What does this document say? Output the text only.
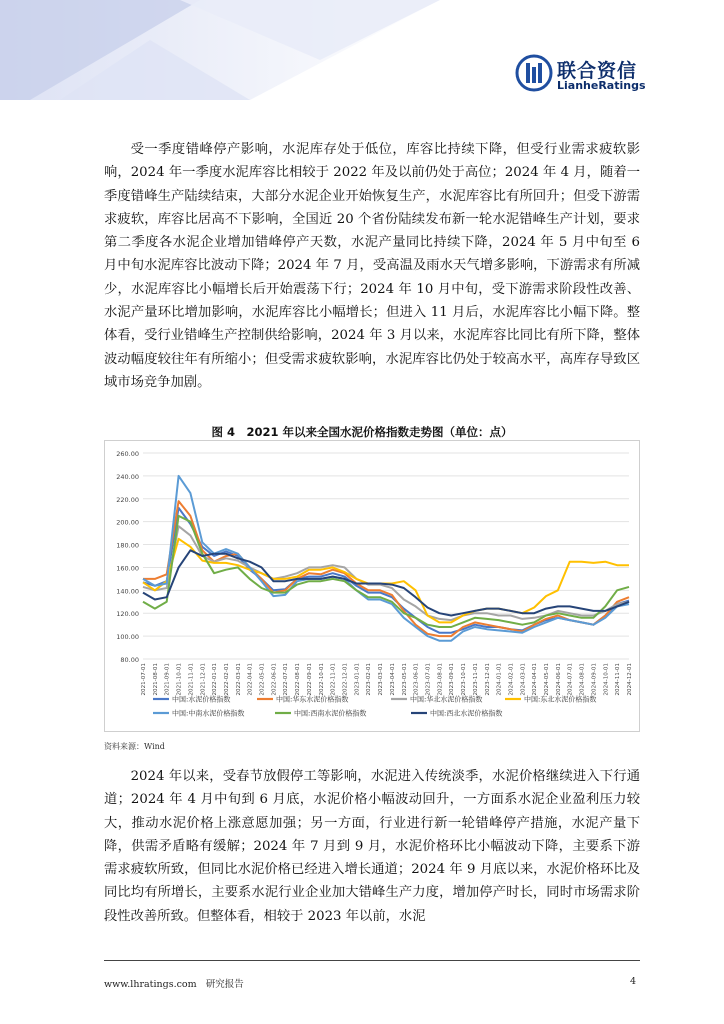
联合资信
LianheRatings

受一季度错峰停产影响，水泥库存处于低位，库容比持续下降，但受行业需求疲软影响，2024 年一季度水泥库容比相较于 2022 年及以前仍处于高位；2024 年 4 月，随着一季度错峰生产陆续结束，大部分水泥企业开始恢复生产，水泥库容比有所回升；但受下游需求疲软，库容比居高不下影响，全国近 20 个省份陆续发布新一轮水泥错峰生产计划，要求第二季度各水泥企业增加错峰停产天数，水泥产量同比持续下降，2024 年 5 月中旬至 6 月中旬水泥库容比波动下降；2024 年 7 月，受高温及雨水天气增多影响，下游需求有所减少，水泥库容比小幅增长后开始震荡下行；2024 年 10 月中旬，受下游需求阶段性改善、水泥产量环比增加影响，水泥库容比小幅增长；但进入 11 月后，水泥库容比小幅下降。整体看，受行业错峰生产控制供给影响，2024 年 3 月以来，水泥库容比同比有所下降，整体波动幅度较往年有所缩小；但受需求疲软影响，水泥库容比仍处于较高水平，高库存导致区域市场竞争加剧。

图 4　2021 年以来全国水泥价格指数走势图（单位：点）
260.00
240.00
220.00
200.00
180.00
160.00
140.00
120.00
100.00
80.00
2021-07-01 2021-08-01 2021-09-01 2021-10-01 2021-11-01 2021-12-01 2022-01-01 2022-02-01 2022-03-01 2022-04-01 2022-05-01 2022-06-01 2022-07-01 2022-08-01 2022-09-01 2022-10-01 2022-11-01 2022-12-01 2023-01-01 2023-02-01 2023-03-01 2023-04-01 2023-05-01 2023-06-01 2023-07-01 2023-08-01 2023-09-01 2023-10-01 2023-11-01 2023-12-01 2024-01-01 2024-02-01 2024-03-01 2024-04-01 2024-05-01 2024-06-01 2024-07-01 2024-08-01 2024-09-01 2024-10-01 2024-11-01 2024-12-01
中国:水泥价格指数	中国:华东水泥价格指数	中国:华北水泥价格指数	中国:东北水泥价格指数
中国:中南水泥价格指数	中国:西南水泥价格指数	中国:西北水泥价格指数
资料来源：Wind

2024 年以来，受春节放假停工等影响，水泥进入传统淡季，水泥价格继续进入下行通道；2024 年 4 月中旬到 6 月底，水泥价格小幅波动回升，一方面系水泥企业盈利压力较大，推动水泥价格上涨意愿加强；另一方面，行业进行新一轮错峰停产措施，水泥产量下降，供需矛盾略有缓解；2024 年 7 月到 9 月，水泥价格环比小幅波动下降，主要系下游需求疲软所致，但同比水泥价格已经进入增长通道；2024 年 9 月底以来，水泥价格环比及同比均有所增长，主要系水泥行业企业加大错峰生产力度，增加停产时长，同时市场需求阶段性改善所致。但整体看，相较于 2023 年以前，水泥

www.lhratings.com 研究报告	4
